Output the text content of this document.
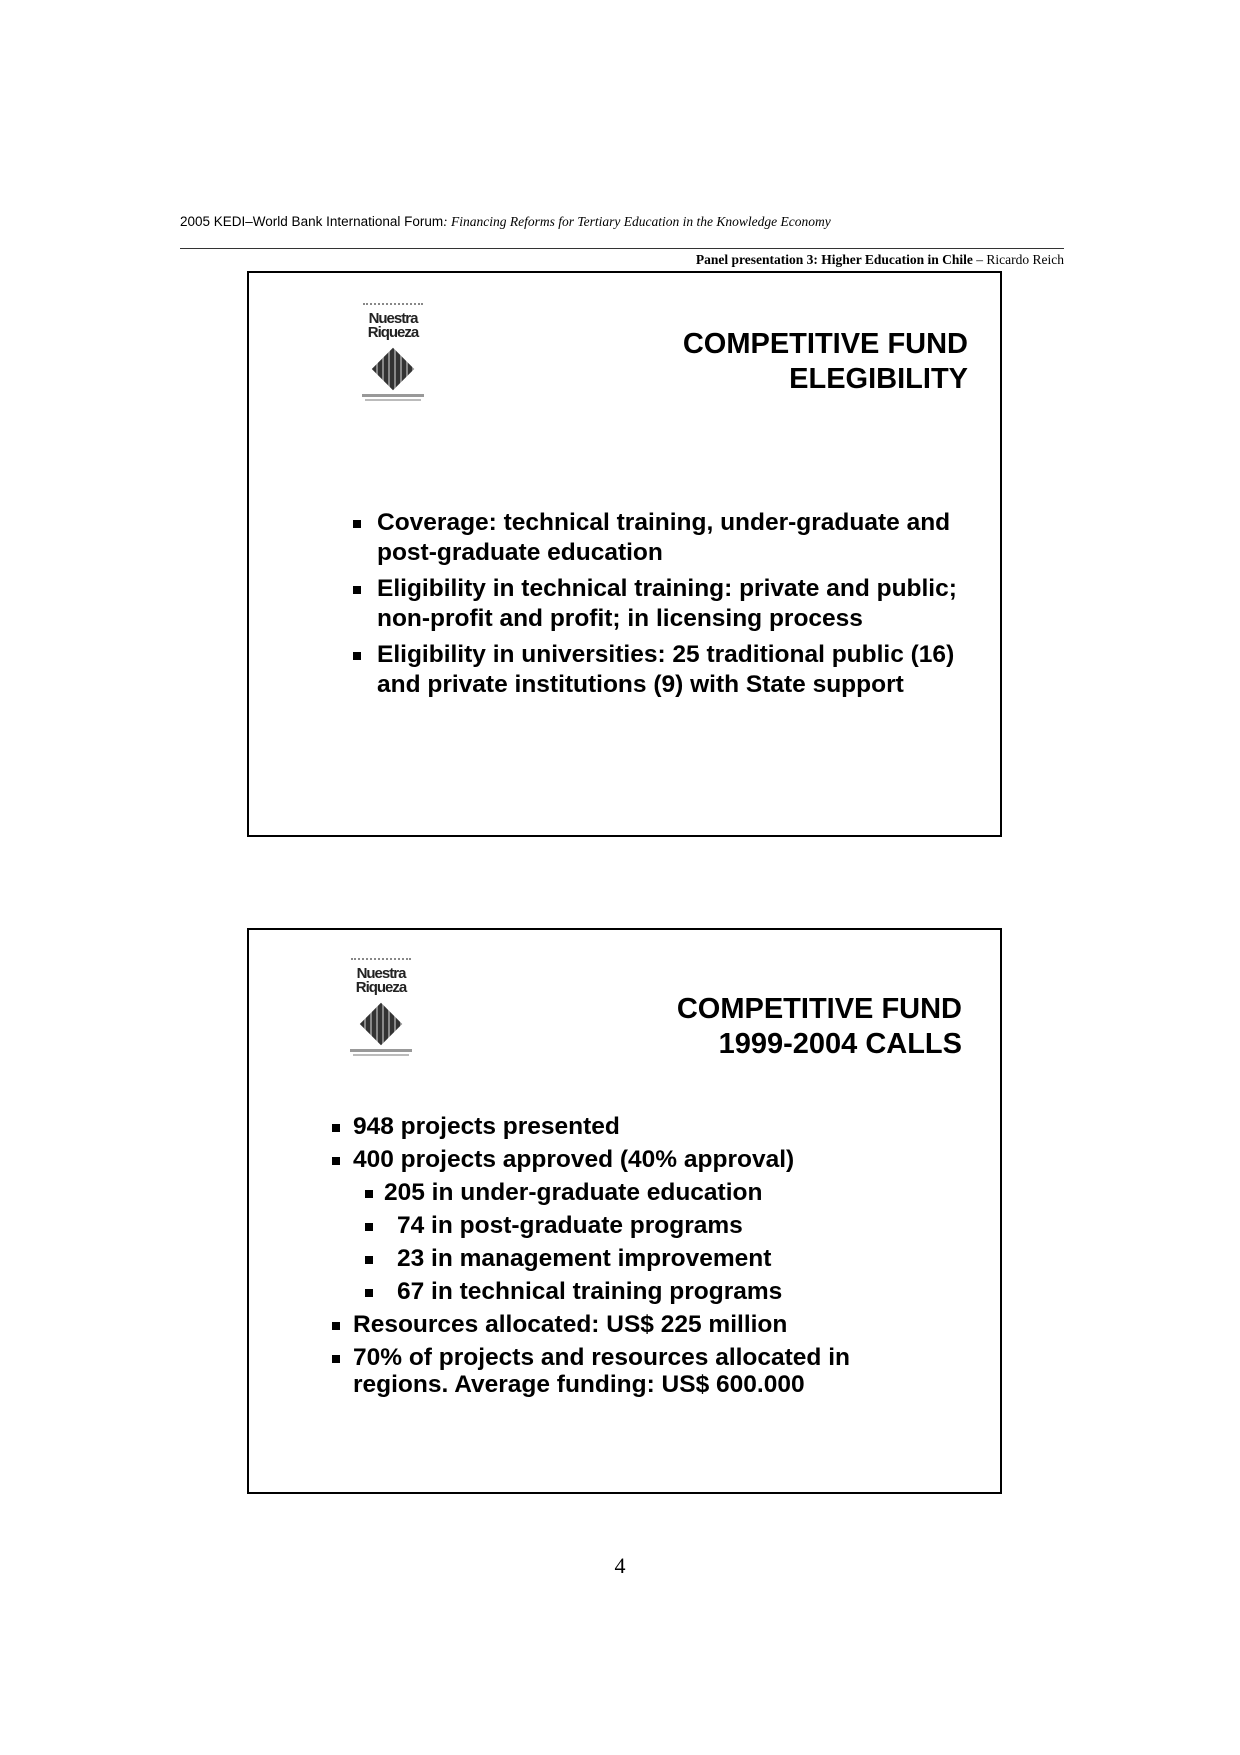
2005 KEDI–World Bank International Forum: Financing Reforms for Tertiary Education in the Knowledge Economy
Panel presentation 3: Higher Education in Chile – Ricardo Reich
Nuestra
Riqueza	COMPETITIVE FUND
ELEGIBILITY
Coverage: technical training, under-graduate and
post-graduate education
Eligibility in technical training: private and public;
non-profit and profit; in licensing process
Eligibility in universities: 25 traditional public (16)
and private institutions (9) with State support
Nuestra
Riqueza
COMPETITIVE FUND
1999-2004 CALLS
948 projects presented
400 projects approved (40% approval)
205 in under-graduate education
74 in post-graduate programs
23 in management improvement
67 in technical training programs
Resources allocated: US$ 225 million
70% of projects and resources allocated in
regions. Average funding: US$ 600.000
4
